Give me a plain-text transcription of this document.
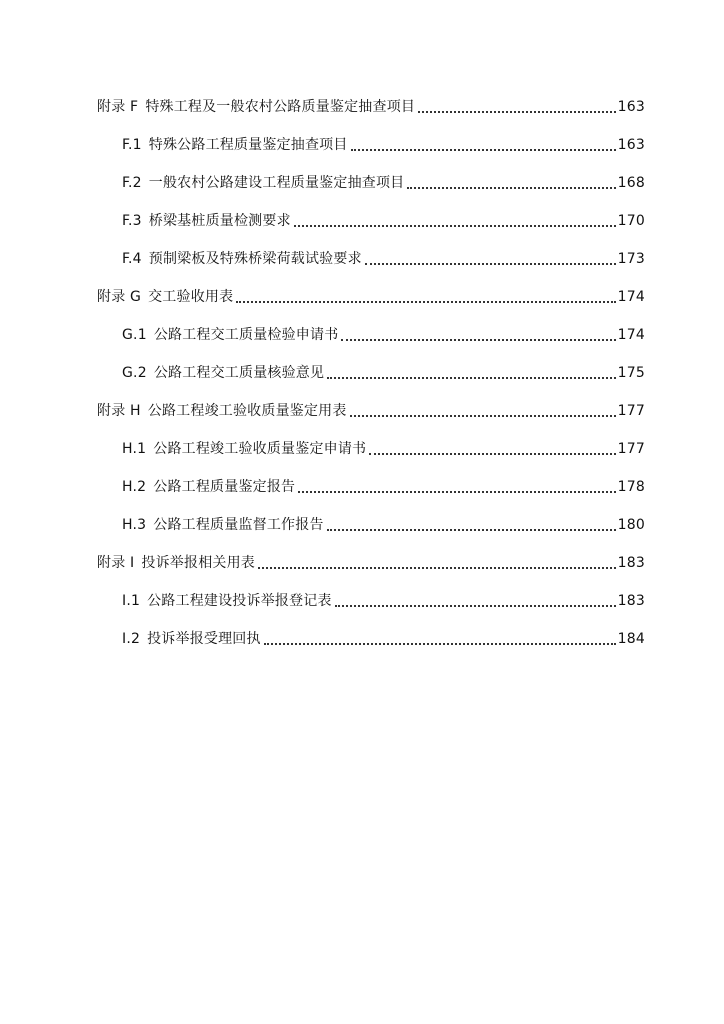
附录 F 特殊工程及一般农村公路质量鉴定抽查项目	163
F.1 特殊公路工程质量鉴定抽查项目	163
F.2 一般农村公路建设工程质量鉴定抽查项目	168
F.3 桥梁基桩质量检测要求	170
F.4 预制梁板及特殊桥梁荷载试验要求	173
附录 G 交工验收用表	174
G.1 公路工程交工质量检验申请书	174
G.2 公路工程交工质量核验意见	175
附录 H 公路工程竣工验收质量鉴定用表	177
H.1 公路工程竣工验收质量鉴定申请书	177
H.2 公路工程质量鉴定报告	178
H.3 公路工程质量监督工作报告	180
附录 I 投诉举报相关用表	183
I.1 公路工程建设投诉举报登记表	183
I.2 投诉举报受理回执	184
